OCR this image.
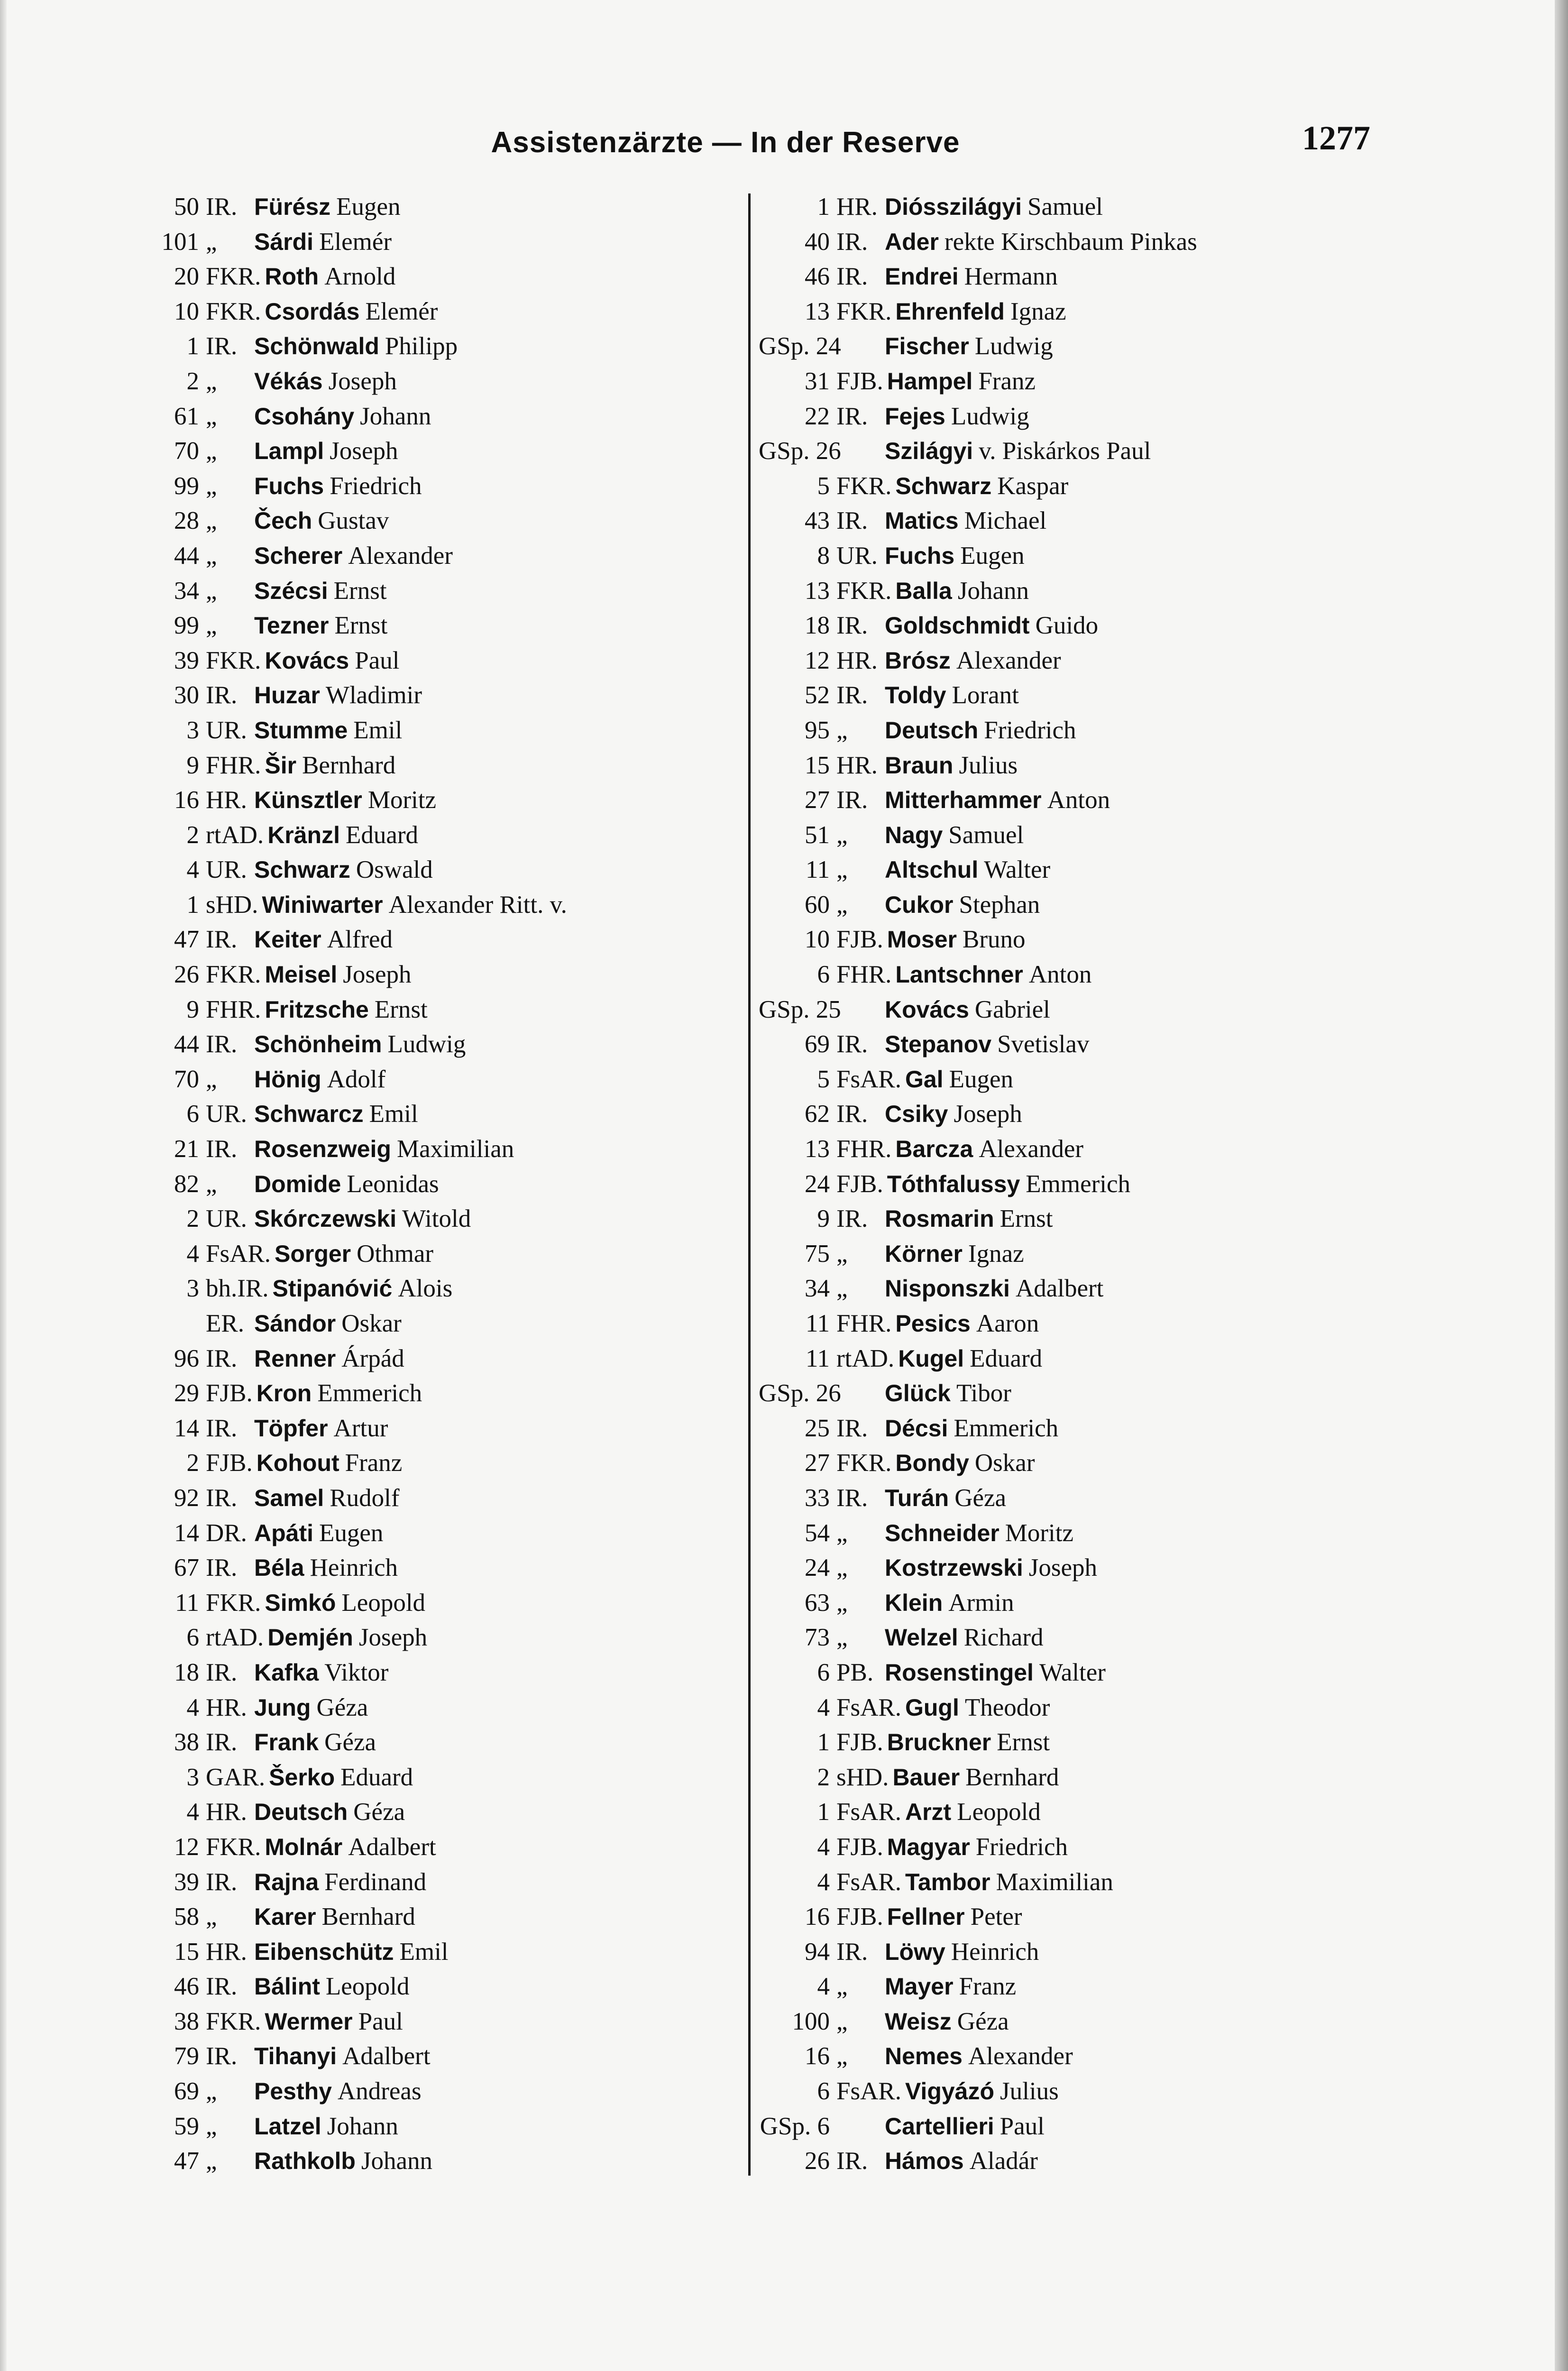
Assistenzärzte — In der Reserve	1277
50 IR. Fürész Eugen
101 „ Sárdi Elemér
20 FKR. Roth Arnold
10 FKR. Csordás Elemér
1 IR. Schönwald Philipp
2 „ Vékás Joseph
61 „ Csohány Johann
70 „ Lampl Joseph
99 „ Fuchs Friedrich
28 „ Čech Gustav
44 „ Scherer Alexander
34 „ Szécsi Ernst
99 „ Tezner Ernst
39 FKR. Kovács Paul
30 IR. Huzar Wladimir
3 UR. Stumme Emil
9 FHR. Šir Bernhard
16 HR. Künsztler Moritz
2 rtAD. Kränzl Eduard
4 UR. Schwarz Oswald
1 sHD. Winiwarter Alexander Ritt. v.
47 IR. Keiter Alfred
26 FKR. Meisel Joseph
9 FHR. Fritzsche Ernst
44 IR. Schönheim Ludwig
70 „ Hönig Adolf
6 UR. Schwarcz Emil
21 IR. Rosenzweig Maximilian
82 „ Domide Leonidas
2 UR. Skórczewski Witold
4 FsAR. Sorger Othmar
3 bh.IR. Stipanóvić Alois
ER. Sándor Oskar
96 IR. Renner Árpád
29 FJB. Kron Emmerich
14 IR. Töpfer Artur
2 FJB. Kohout Franz
92 IR. Samel Rudolf
14 DR. Apáti Eugen
67 IR. Béla Heinrich
11 FKR. Simkó Leopold
6 rtAD. Demjén Joseph
18 IR. Kafka Viktor
4 HR. Jung Géza
38 IR. Frank Géza
3 GAR. Šerko Eduard
4 HR. Deutsch Géza
12 FKR. Molnár Adalbert
39 IR. Rajna Ferdinand
58 „ Karer Bernhard
15 HR. Eibenschütz Emil
46 IR. Bálint Leopold
38 FKR. Wermer Paul
79 IR. Tihanyi Adalbert
69 „ Pesthy Andreas
59 „ Latzel Johann
47 „ Rathkolb Johann
1 HR. Diósszilágyi Samuel
40 IR. Ader rekte Kirschbaum Pinkas
46 IR. Endrei Hermann
13 FKR. Ehrenfeld Ignaz
GSp. 24 Fischer Ludwig
31 FJB. Hampel Franz
22 IR. Fejes Ludwig
GSp. 26 Szilágyi v. Piskárkos Paul
5 FKR. Schwarz Kaspar
43 IR. Matics Michael
8 UR. Fuchs Eugen
13 FKR. Balla Johann
18 IR. Goldschmidt Guido
12 HR. Brósz Alexander
52 IR. Toldy Lorant
95 „ Deutsch Friedrich
15 HR. Braun Julius
27 IR. Mitterhammer Anton
51 „ Nagy Samuel
11 „ Altschul Walter
60 „ Cukor Stephan
10 FJB. Moser Bruno
6 FHR. Lantschner Anton
GSp. 25 Kovács Gabriel
69 IR. Stepanov Svetislav
5 FsAR. Gal Eugen
62 IR. Csiky Joseph
13 FHR. Barcza Alexander
24 FJB. Tóthfalussy Emmerich
9 IR. Rosmarin Ernst
75 „ Körner Ignaz
34 „ Nisponszki Adalbert
11 FHR. Pesics Aaron
11 rtAD. Kugel Eduard
GSp. 26 Glück Tibor
25 IR. Décsi Emmerich
27 FKR. Bondy Oskar
33 IR. Turán Géza
54 „ Schneider Moritz
24 „ Kostrzewski Joseph
63 „ Klein Armin
73 „ Welzel Richard
6 PB. Rosenstingel Walter
4 FsAR. Gugl Theodor
1 FJB. Bruckner Ernst
2 sHD. Bauer Bernhard
1 FsAR. Arzt Leopold
4 FJB. Magyar Friedrich
4 FsAR. Tambor Maximilian
16 FJB. Fellner Peter
94 IR. Löwy Heinrich
4 „ Mayer Franz
100 „ Weisz Géza
16 „ Nemes Alexander
6 FsAR. Vigyázó Julius
GSp. 6 Cartellieri Paul
26 IR. Hámos Aladár
